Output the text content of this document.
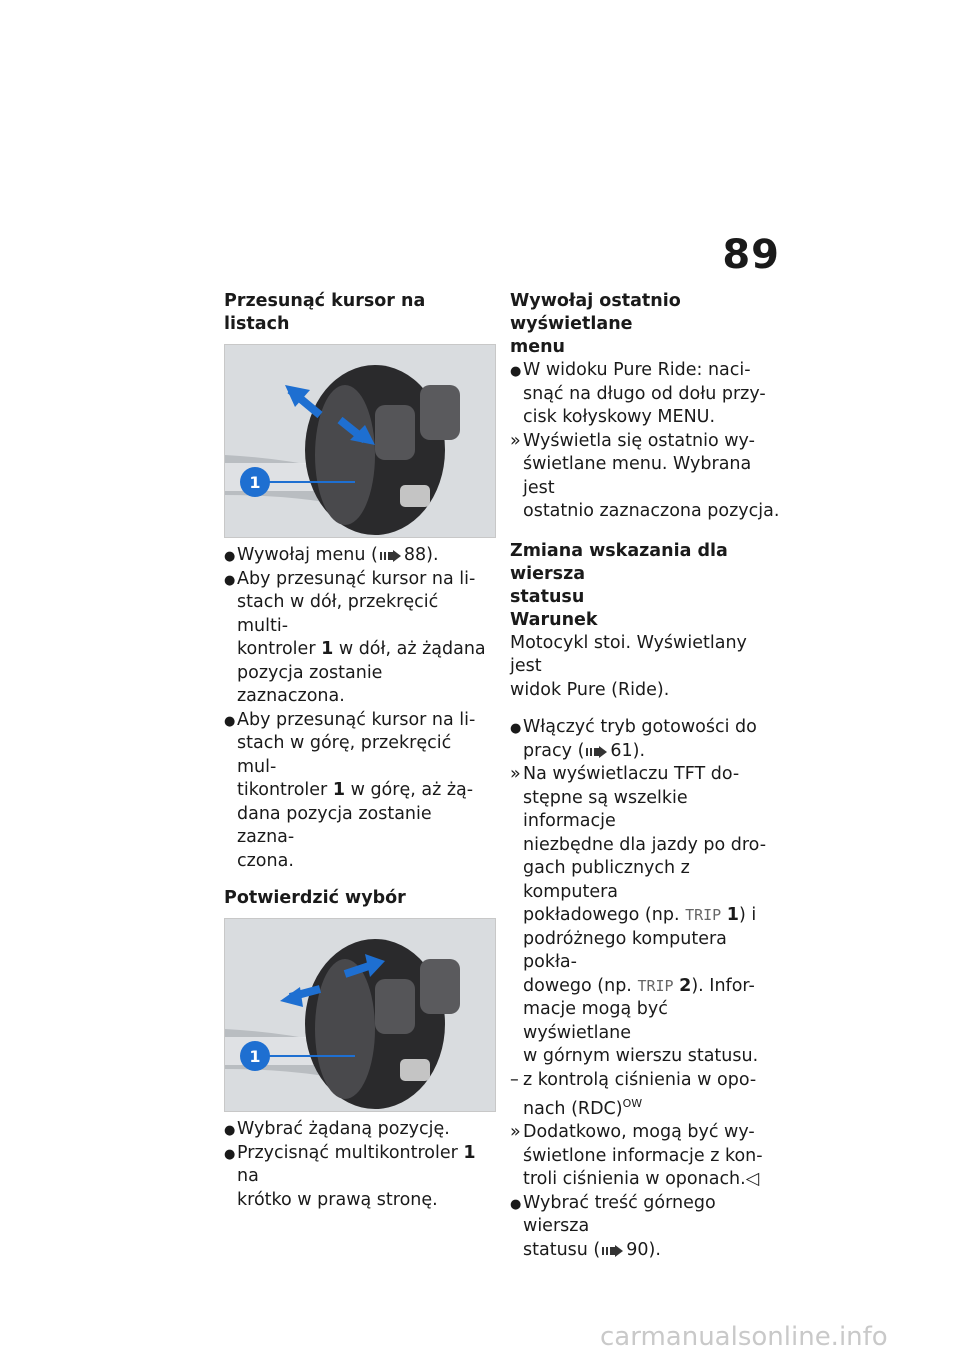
89
Przesunąć kursor na listach
1
● Wywołaj menu ( 88).
● Aby przesunąć kursor na li-
stach w dół, przekręcić multi-
kontroler 1 w dół, aż żądana
pozycja zostanie zaznaczona.
● Aby przesunąć kursor na li-
stach w górę, przekręcić mul-
tikontroler 1 w górę, aż żą-
dana pozycja zostanie zazna-
czona.
Potwierdzić wybór
1
● Wybrać żądaną pozycję.
● Przycisnąć multikontroler 1 na
krótko w prawą stronę.
Wywołaj ostatnio wyświetlane
menu
● W widoku Pure Ride: naci-
snąć na długo od dołu przy-
cisk kołyskowy MENU.
» Wyświetla się ostatnio wy-
świetlane menu. Wybrana jest
ostatnio zaznaczona pozycja.
Zmiana wskazania dla wiersza
statusu
Warunek

Motocykl stoi. Wyświetlany jest
widok Pure (Ride).

● Włączyć tryb gotowości do
pracy ( 61).
» Na wyświetlaczu TFT do-
stępne są wszelkie informacje
niezbędne dla jazdy po dro-
gach publicznych z komputera
pokładowego (np. TRIP 1) i
podróżnego komputera pokła-
dowego (np. TRIP 2). Infor-
macje mogą być wyświetlane
w górnym wierszu statusu.
– z kontrolą ciśnienia w opo-
nach (RDC)$^{OW}$
» Dodatkowo, mogą być wy-
świetlone informacje z kon-
troli ciśnienia w oponach.◁
● Wybrać treść górnego wiersza
statusu ( 90).
carmanualsonline.info
